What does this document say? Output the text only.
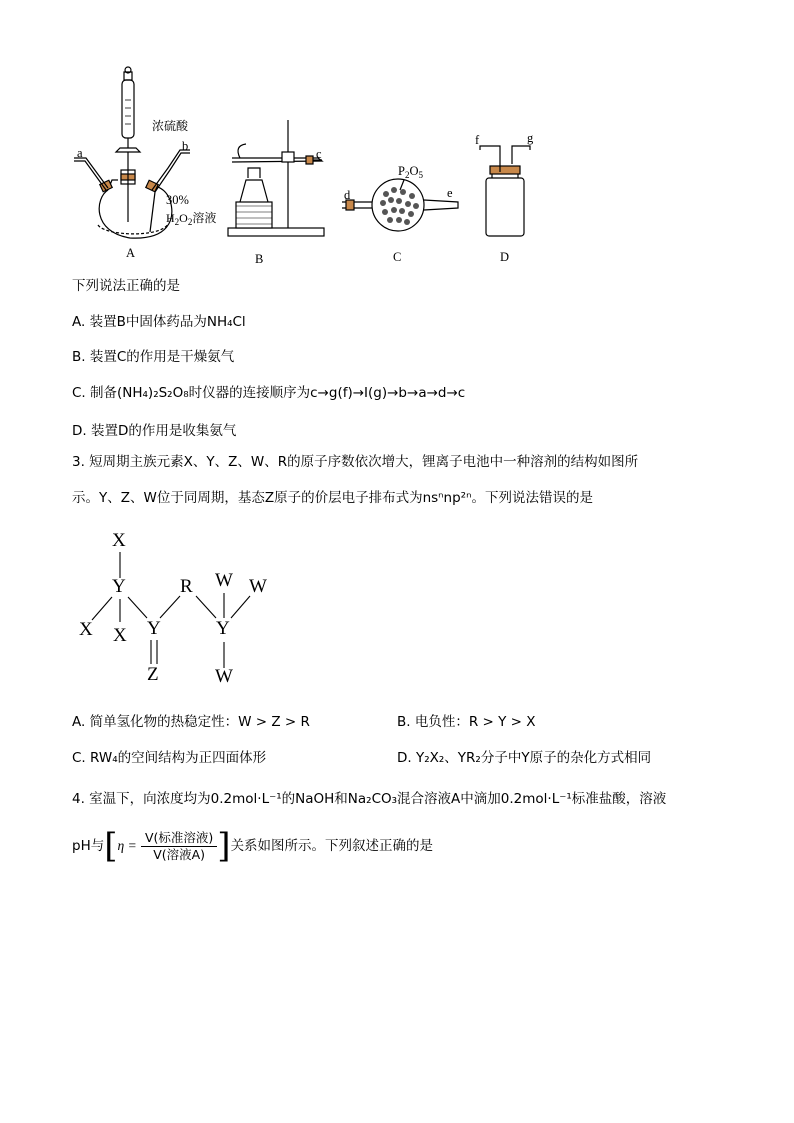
a	b
浓硫酸
30%
$H_2O_2$溶液
A
c
B
$P_2O_5$
d	e
C
f	g
D
下列说法正确的是
A. 装置B中固体药品为NH₄Cl
B. 装置C的作用是干燥氨气
C. 制备(NH₄)₂S₂O₈时仪器的连接顺序为c→g(f)→I(g)→b→a→d→c
D. 装置D的作用是收集氨气
3. 短周期主族元素X、Y、Z、W、R的原子序数依次增大，锂离子电池中一种溶剂的结构如图所
示。Y、Z、W位于同周期，基态Z原子的价层电子排布式为nsⁿnp²ⁿ。下列说法错误的是
X
Y
X X Y
Z
R W W
Y
W
A. 简单氢化物的热稳定性：W > Z > R	B. 电负性：R > Y > X
C. RW₄的空间结构为正四面体形	D. Y₂X₂、YR₂分子中Y原子的杂化方式相同
4. 室温下，向浓度均为0.2mol·L⁻¹的NaOH和Na₂CO₃混合溶液A中滴加0.2mol·L⁻¹标准盐酸，溶液
pH与[$\eta = \frac{\text{V(标准溶液)}}{\text{V(溶液A)}}$ ]关系如图所示。下列叙述正确的是
